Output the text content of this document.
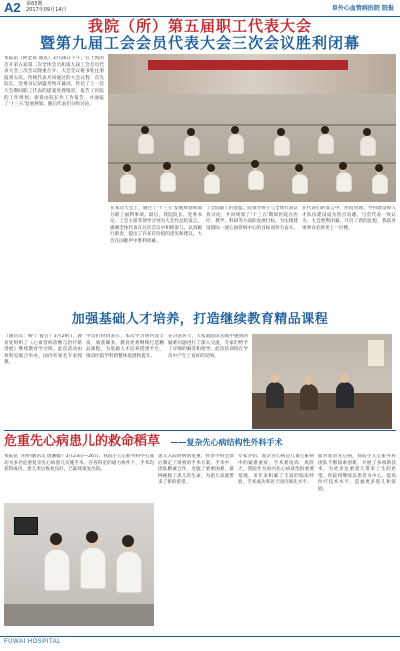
A2 第83期
2017年09月14日	阜外心血管病医院 院报
我院（所）第五届职工代表大会
暨第九届工会会员代表大会三次会议胜利闭幕
本报讯（阿金荷 通讯）3月16日下午，在上海的召开第五届第二次全体会员和第九届工会会员代表大会三次会议隆重召开。大会会议秘书处注册报到五次。传统代表共同通过的大会议程：首先院长、党委书记胡盛寿致开幕词，传达了上一次大会期间职工代表的提案处理情况，报告了医院的工作规划；接着由院长作工作报告，并通报了'十三五'发展规划。随后代表们分组讨论。
在本次大会上，通过了'十三五'发展规划和部分职工福利事项。最后，我院院长、党委书记、工会主席等领导分别为大会作总结发言，感谢全体代表在这次会议中积极参与，认真履行职责，提出了许多有价值的意见和建议。大会在国歌声中胜利闭幕。
了全院职工的意愿。院领导班子与全体代表认真讨论，共同规划了'十三五'期间医院在医疗、教学、科研等方面的发展目标，为实现建设国际一流心血管病中心的目标而努力奋斗。
在代表们的发言中，医院管理、学科建设和人才队伍建设成为热点问题。与会代表一致认为，大会胜利闭幕，开启了新的征程，我院各项事业必将更上一层楼。
加强基础人才培养，打造继续教育精品课程
（通讯员：杨宁 报告）3月29日，教育处组织了《心血管病诊断与治疗新进展》继续教育学习班。此次活动由各科室联合举办，国内外知名专家授课。
学员们纷纷表示，本次学习班内容丰富，收获颇多。教育处将继续打造精品课程，为基础人才培养搭建平台，推动医院学科的整体发展和提升。
在讨论环节，大家就临床实践中遇到的疑难问题进行了深入交流，专家们给予了详细的解答和指导。此次培训班在学员中产生了良好的反响。
危重先心病患儿的救命稻草 ——复杂先心病结构性外科手术
本报讯（特约通讯员 唐湘媛）3月23日—26日，我院小儿心脏外科中心成功为多名危重复杂先心病患儿实施手术。在各科室的通力协作下，手术均获得成功，患儿术后恢复良好，已陆续康复出院。
患儿入院时病情危重，经多学科会诊后制定了周密的手术方案。手术中，团队精诚合作，克服了重重困难，最终挽救了患儿的生命，为患儿家庭带来了新的希望。
专家介绍，复杂先心病是儿童心脏病中的疑难重症，手术难度高、风险大。我院作为国内先心病诊治的重要基地，多年来积累了丰富的临床经验，手术成功率居于国内领先水平。
面对复杂先心病，我院小儿心脏外科团队不断探索创新，开展了多项新技术，为更多危重患儿带来了生的希望。医院将继续以患者为中心，提高医疗技术水平，造福更多患儿和家庭。
FUWAI HOSPITAL
